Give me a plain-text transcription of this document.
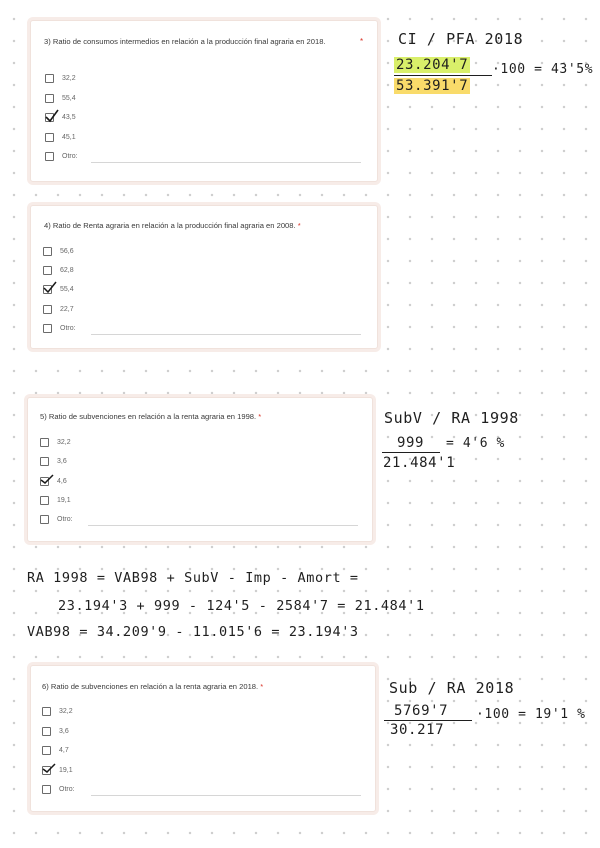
3) Ratio de consumos intermedios en relación a la producción final agraria en 2018.	*
32,2
55,4
43,5
45,1
Otro:
4) Ratio de Renta agraria en relación a la producción final agraria en 2008. *
56,6
62,8
55,4
22,7
Otro:
5) Ratio de subvenciones en relación a la renta agraria en 1998. *
32,2
3,6
4,6
19,1
Otro:
6) Ratio de subvenciones en relación a la renta agraria en 2018. *
32,2
3,6
4,7
19,1
Otro:
CI / PFA 2018
23.204'7
53.391'7
·100 = 43'5%
SubV / RA 1998
999
21.484'1
= 4'6 %
RA 1998 = VAB98 + SubV - Imp - Amort =
23.194'3 + 999 - 124'5 - 2584'7 = 21.484'1
VAB98 = 34.209'9 - 11.015'6 = 23.194'3
Sub / RA 2018
5769'7
30.217
·100 = 19'1 %
